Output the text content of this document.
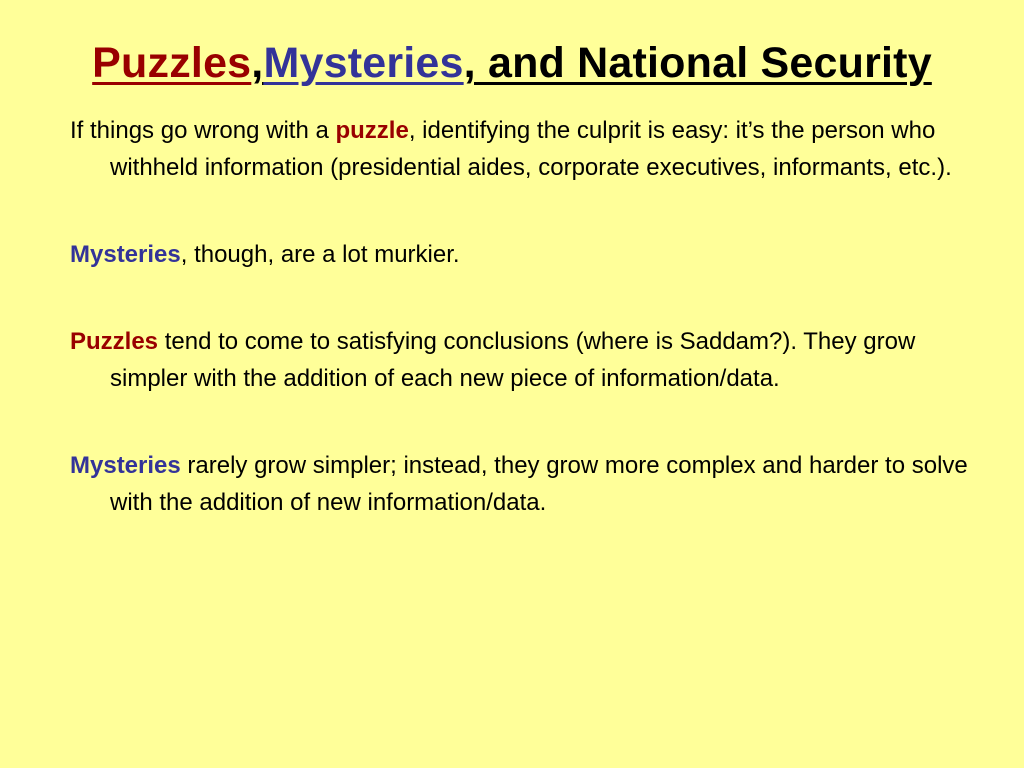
Puzzles,Mysteries, and National Security

If things go wrong with a puzzle, identifying the culprit is easy: it’s the person who withheld information (presidential aides, corporate executives, informants, etc.).

Mysteries, though, are a lot murkier.

Puzzles tend to come to satisfying conclusions (where is Saddam?). They grow simpler with the addition of each new piece of information/data.

Mysteries rarely grow simpler; instead, they grow more complex and harder to solve with the addition of new information/data.
